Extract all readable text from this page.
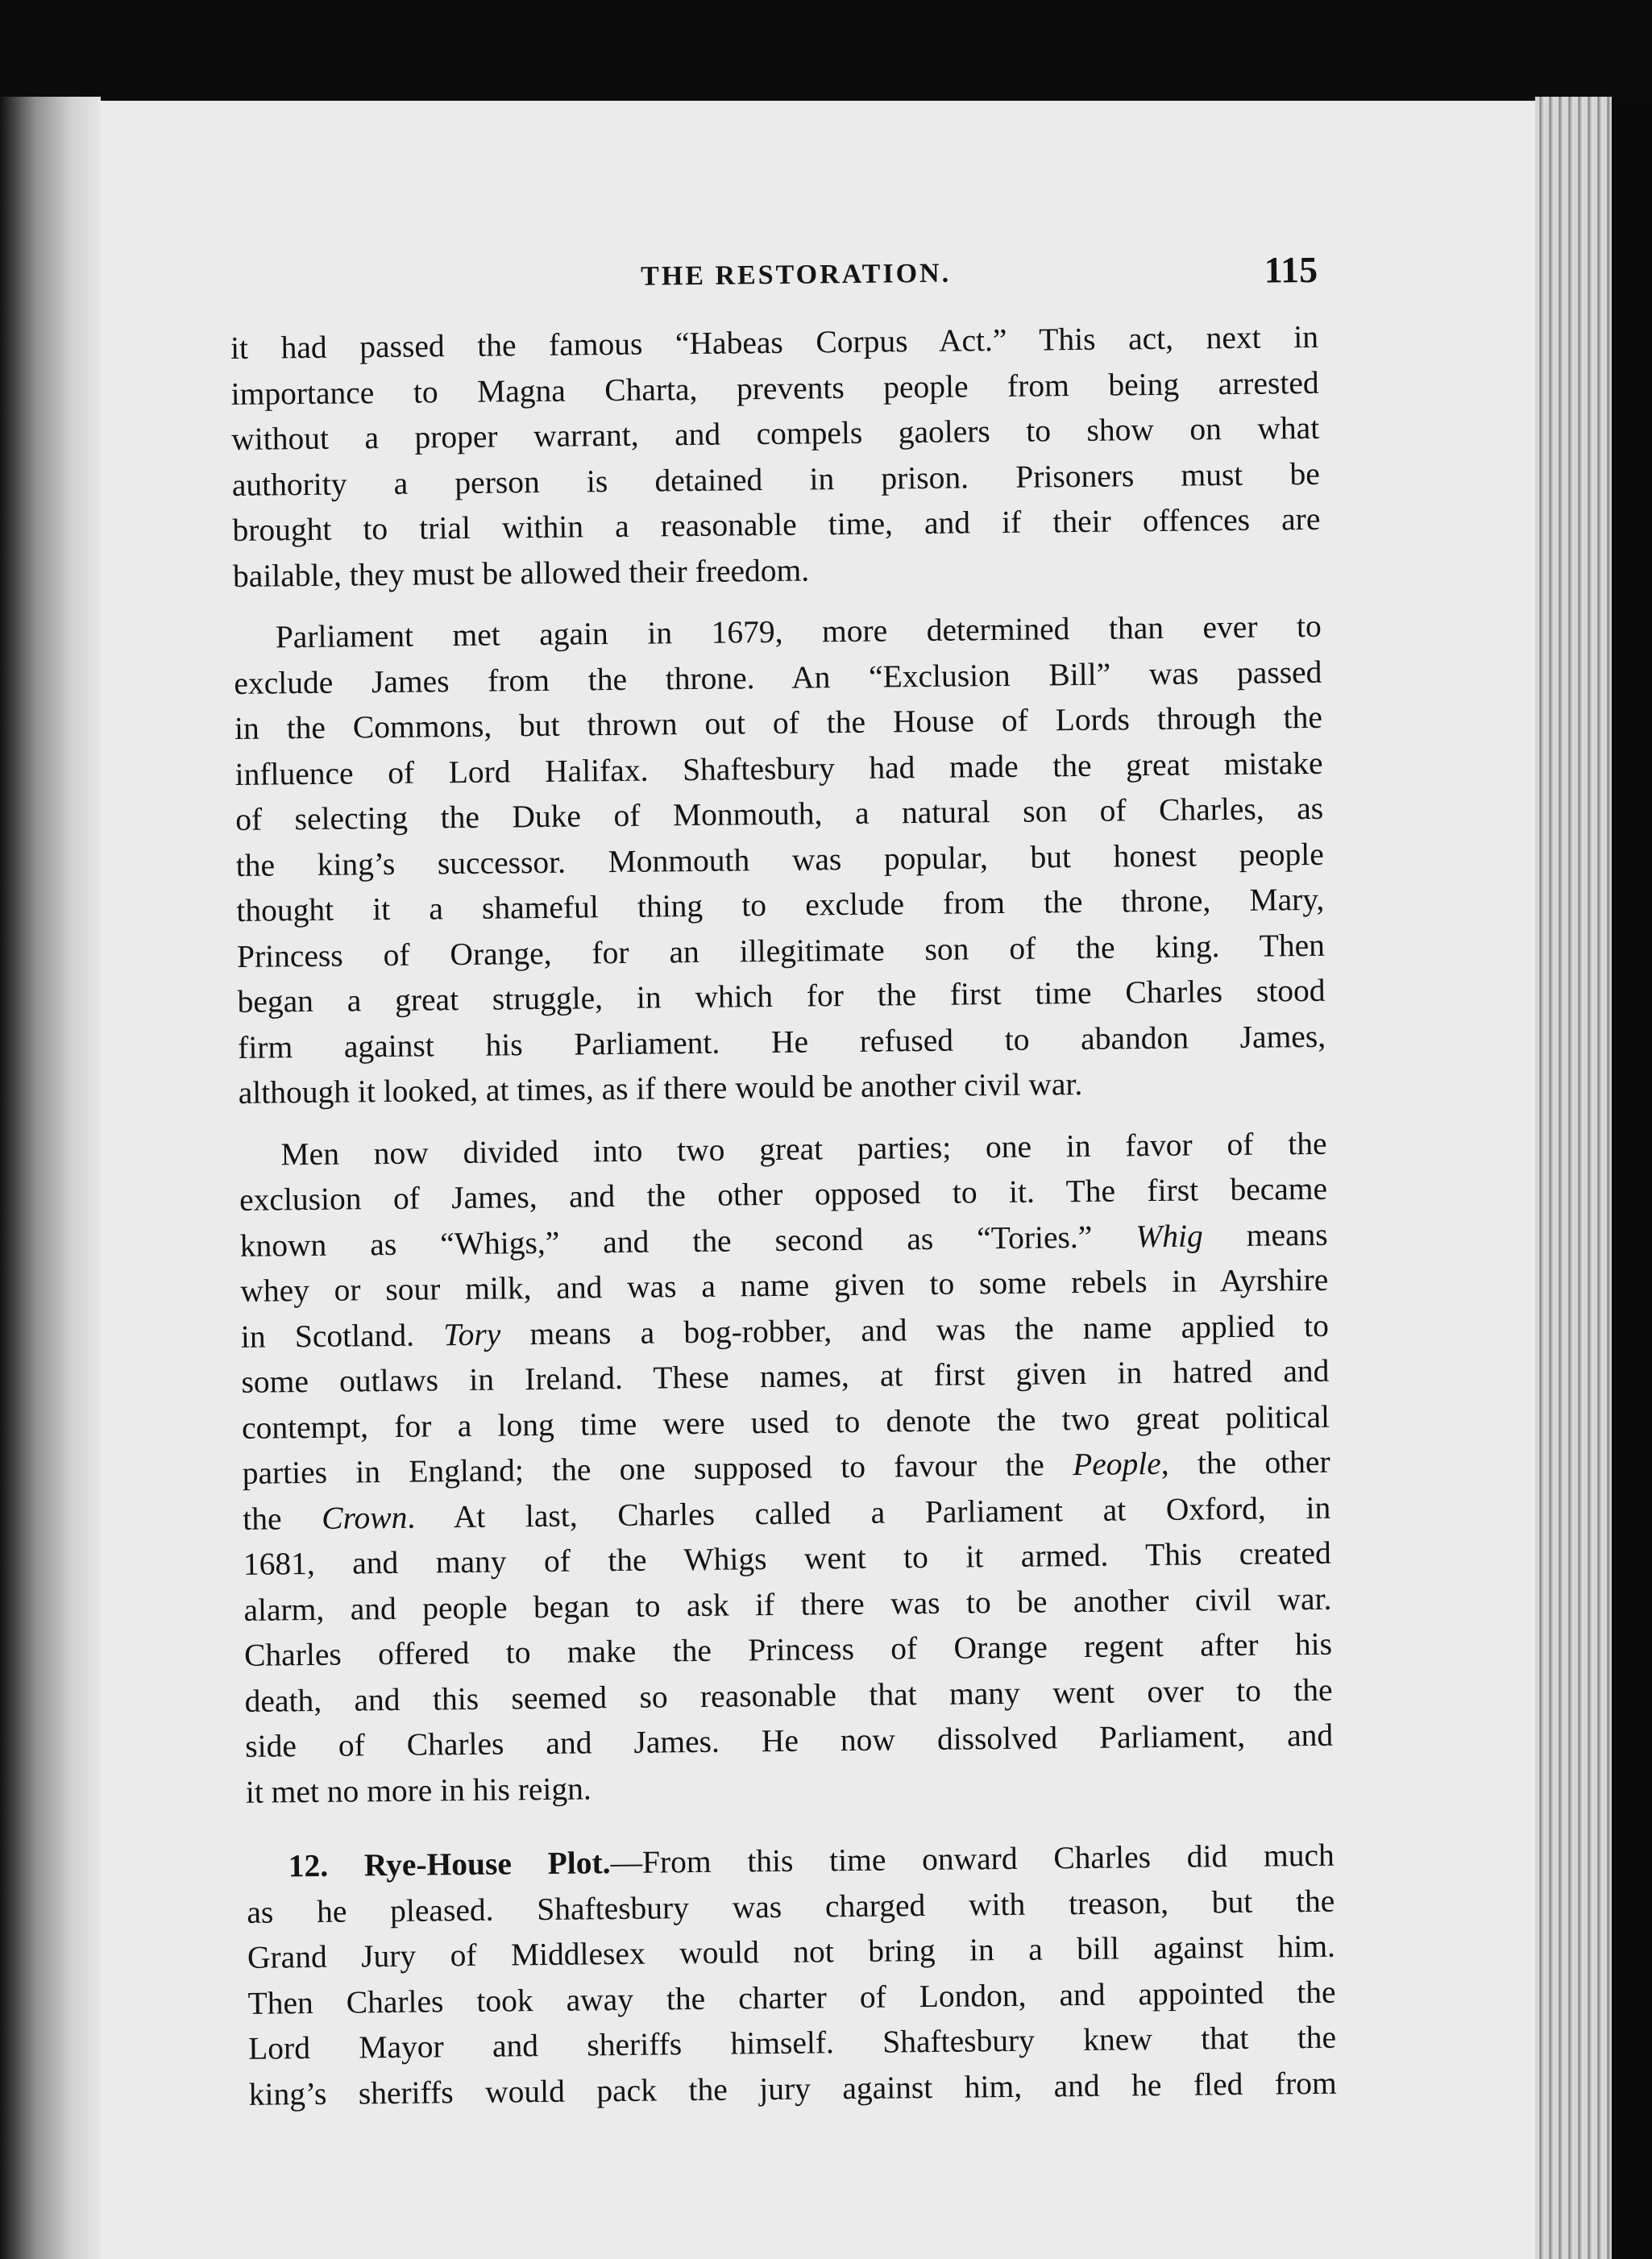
THE RESTORATION.	115
it had passed the famous “Habeas Corpus Act.” This act, next in
importance to Magna Charta, prevents people from being arrested
without a proper warrant, and compels gaolers to show on what
authority a person is detained in prison. Prisoners must be
brought to trial within a reasonable time, and if their offences are
bailable, they must be allowed their freedom.
Parliament met again in 1679, more determined than ever to
exclude James from the throne. An “Exclusion Bill” was passed
in the Commons, but thrown out of the House of Lords through the
influence of Lord Halifax. Shaftesbury had made the great mistake
of selecting the Duke of Monmouth, a natural son of Charles, as
the king’s successor. Monmouth was popular, but honest people
thought it a shameful thing to exclude from the throne, Mary,
Princess of Orange, for an illegitimate son of the king. Then
began a great struggle, in which for the first time Charles stood
firm against his Parliament. He refused to abandon James,
although it looked, at times, as if there would be another civil war.
Men now divided into two great parties; one in favor of the
exclusion of James, and the other opposed to it. The first became
known as “Whigs,” and the second as “Tories.” Whig means
whey or sour milk, and was a name given to some rebels in Ayrshire
in Scotland. Tory means a bog-robber, and was the name applied to
some outlaws in Ireland. These names, at first given in hatred and
contempt, for a long time were used to denote the two great political
parties in England; the one supposed to favour the People, the other
the Crown. At last, Charles called a Parliament at Oxford, in
1681, and many of the Whigs went to it armed. This created
alarm, and people began to ask if there was to be another civil war.
Charles offered to make the Princess of Orange regent after his
death, and this seemed so reasonable that many went over to the
side of Charles and James. He now dissolved Parliament, and
it met no more in his reign.
12. Rye-House Plot.—From this time onward Charles did much
as he pleased. Shaftesbury was charged with treason, but the
Grand Jury of Middlesex would not bring in a bill against him.
Then Charles took away the charter of London, and appointed the
Lord Mayor and sheriffs himself. Shaftesbury knew that the
king’s sheriffs would pack the jury against him, and he fled from
